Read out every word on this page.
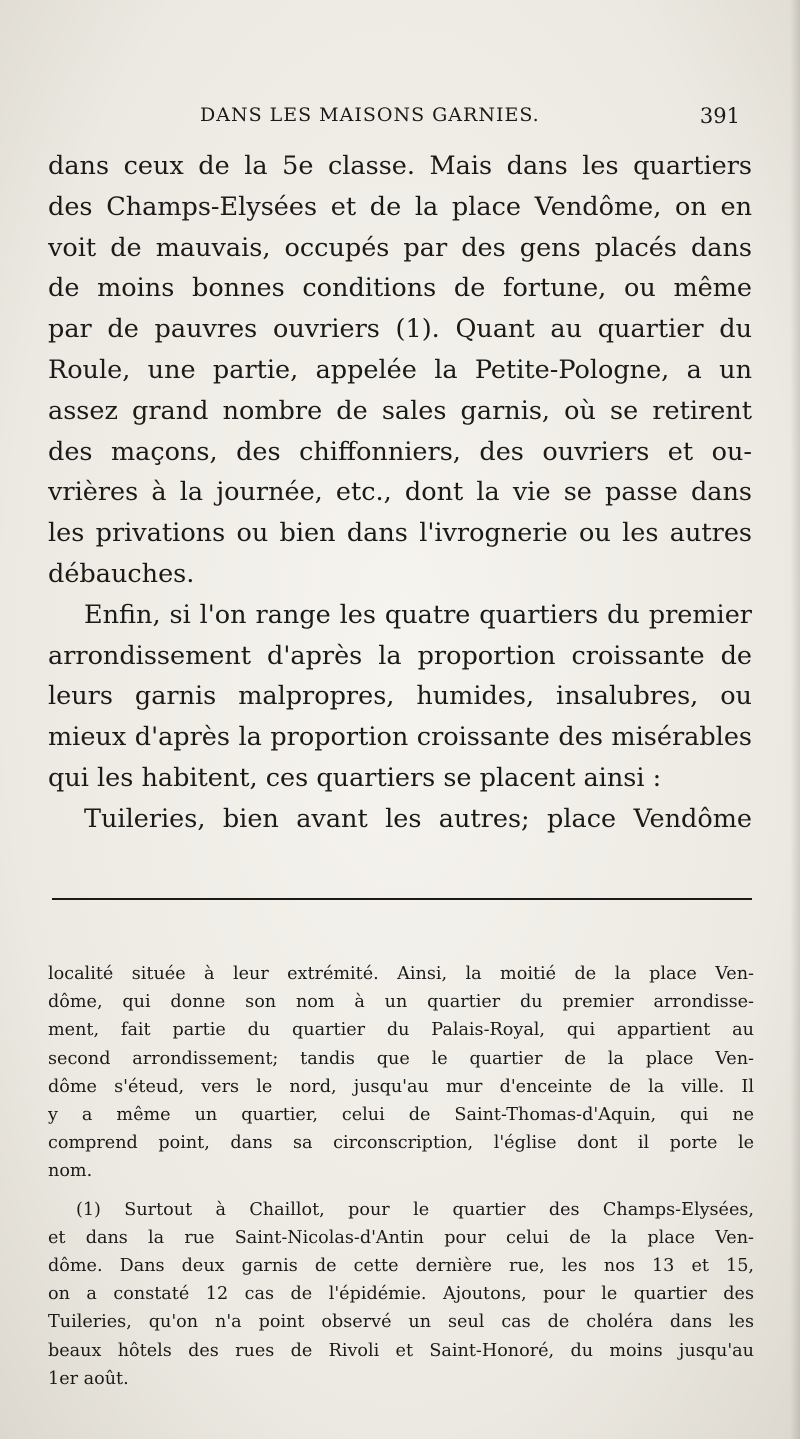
DANS LES MAISONS GARNIES.	391

dans ceux de la 5e classe. Mais dans les quartiers
des Champs-Elysées et de la place Vendôme, on en
voit de mauvais, occupés par des gens placés dans
de moins bonnes conditions de fortune, ou même
par de pauvres ouvriers (1). Quant au quartier du
Roule, une partie, appelée la Petite-Pologne, a un
assez grand nombre de sales garnis, où se retirent
des maçons, des chiffonniers, des ouvriers et ou-
vrières à la journée, etc., dont la vie se passe dans
les privations ou bien dans l'ivrognerie ou les autres
débauches.

Enfin, si l'on range les quatre quartiers du premier
arrondissement d'après la proportion croissante de
leurs garnis malpropres, humides, insalubres, ou
mieux d'après la proportion croissante des misérables
qui les habitent, ces quartiers se placent ainsi :

Tuileries, bien avant les autres; place Vendôme

localité située à leur extrémité. Ainsi, la moitié de la place Ven-
dôme, qui donne son nom à un quartier du premier arrondisse-
ment, fait partie du quartier du Palais-Royal, qui appartient au
second arrondissement; tandis que le quartier de la place Ven-
dôme s'éteud, vers le nord, jusqu'au mur d'enceinte de la ville. Il
y a même un quartier, celui de Saint-Thomas-d'Aquin, qui ne
comprend point, dans sa circonscription, l'église dont il porte le
nom.
(1) Surtout à Chaillot, pour le quartier des Champs-Elysées,
et dans la rue Saint-Nicolas-d'Antin pour celui de la place Ven-
dôme. Dans deux garnis de cette dernière rue, les nos 13 et 15,
on a constaté 12 cas de l'épidémie. Ajoutons, pour le quartier des
Tuileries, qu'on n'a point observé un seul cas de choléra dans les
beaux hôtels des rues de Rivoli et Saint-Honoré, du moins jusqu'au
1er août.
